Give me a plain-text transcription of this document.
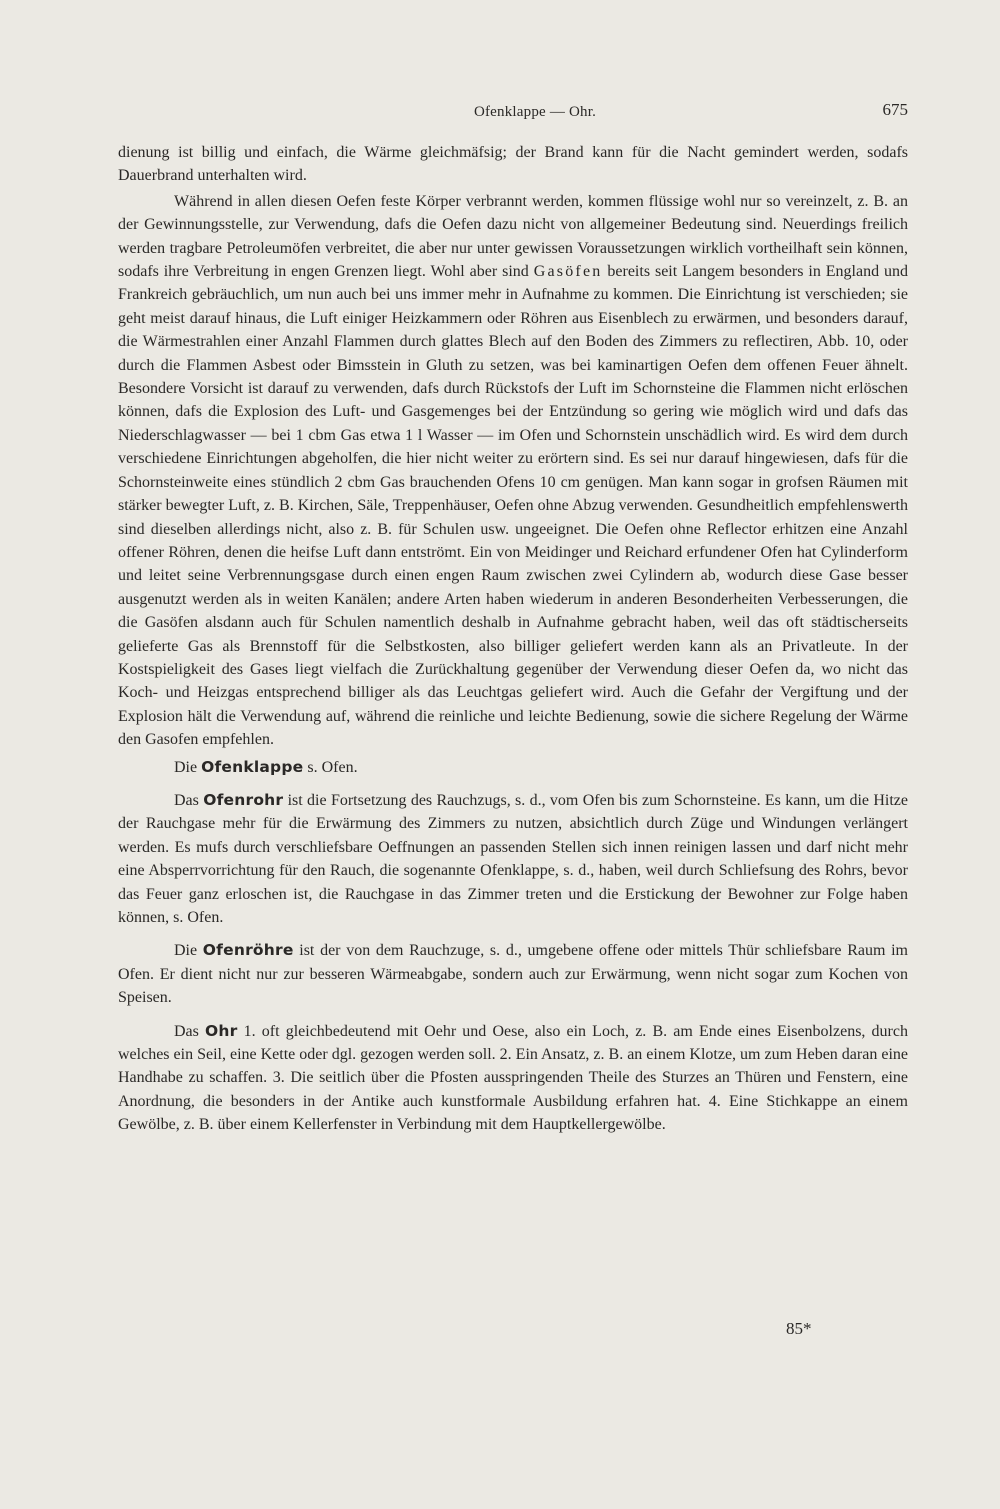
Ofenklappe — Ohr.	675

dienung ist billig und einfach, die Wärme gleichmäfsig; der Brand kann für die Nacht gemindert werden, sodafs Dauerbrand unterhalten wird.

Während in allen diesen Oefen feste Körper verbrannt werden, kommen flüssige wohl nur so vereinzelt, z. B. an der Gewinnungsstelle, zur Verwendung, dafs die Oefen dazu nicht von allgemeiner Bedeutung sind. Neuerdings freilich werden tragbare Petroleumöfen verbreitet, die aber nur unter gewissen Voraussetzungen wirklich vortheilhaft sein können, sodafs ihre Verbreitung in engen Grenzen liegt. Wohl aber sind Gasöfen bereits seit Langem besonders in England und Frankreich gebräuchlich, um nun auch bei uns immer mehr in Aufnahme zu kommen. Die Einrichtung ist verschieden; sie geht meist darauf hinaus, die Luft einiger Heizkammern oder Röhren aus Eisenblech zu erwärmen, und besonders darauf, die Wärmestrahlen einer Anzahl Flammen durch glattes Blech auf den Boden des Zimmers zu reflectiren, Abb. 10, oder durch die Flammen Asbest oder Bimsstein in Gluth zu setzen, was bei kaminartigen Oefen dem offenen Feuer ähnelt. Besondere Vorsicht ist darauf zu verwenden, dafs durch Rückstofs der Luft im Schornsteine die Flammen nicht erlöschen können, dafs die Explosion des Luft- und Gasgemenges bei der Entzündung so gering wie möglich wird und dafs das Niederschlagwasser — bei 1 cbm Gas etwa 1 l Wasser — im Ofen und Schornstein unschädlich wird. Es wird dem durch verschiedene Einrichtungen abgeholfen, die hier nicht weiter zu erörtern sind. Es sei nur darauf hingewiesen, dafs für die Schornsteinweite eines stündlich 2 cbm Gas brauchenden Ofens 10 cm genügen. Man kann sogar in grofsen Räumen mit stärker bewegter Luft, z. B. Kirchen, Säle, Treppenhäuser, Oefen ohne Abzug verwenden. Gesundheitlich empfehlenswerth sind dieselben allerdings nicht, also z. B. für Schulen usw. ungeeignet. Die Oefen ohne Reflector erhitzen eine Anzahl offener Röhren, denen die heifse Luft dann entströmt. Ein von Meidinger und Reichard erfundener Ofen hat Cylinderform und leitet seine Verbrennungsgase durch einen engen Raum zwischen zwei Cylindern ab, wodurch diese Gase besser ausgenutzt werden als in weiten Kanälen; andere Arten haben wiederum in anderen Besonderheiten Verbesserungen, die die Gasöfen alsdann auch für Schulen namentlich deshalb in Aufnahme gebracht haben, weil das oft städtischerseits gelieferte Gas als Brennstoff für die Selbstkosten, also billiger geliefert werden kann als an Privatleute. In der Kostspieligkeit des Gases liegt vielfach die Zurückhaltung gegenüber der Verwendung dieser Oefen da, wo nicht das Koch- und Heizgas entsprechend billiger als das Leuchtgas geliefert wird. Auch die Gefahr der Vergiftung und der Explosion hält die Verwendung auf, während die reinliche und leichte Bedienung, sowie die sichere Regelung der Wärme den Gasofen empfehlen.

Die Ofenklappe s. Ofen.

Das Ofenrohr ist die Fortsetzung des Rauchzugs, s. d., vom Ofen bis zum Schornsteine. Es kann, um die Hitze der Rauchgase mehr für die Erwärmung des Zimmers zu nutzen, absichtlich durch Züge und Windungen verlängert werden. Es mufs durch verschliefsbare Oeffnungen an passenden Stellen sich innen reinigen lassen und darf nicht mehr eine Absperrvorrichtung für den Rauch, die sogenannte Ofenklappe, s. d., haben, weil durch Schliefsung des Rohrs, bevor das Feuer ganz erloschen ist, die Rauchgase in das Zimmer treten und die Erstickung der Bewohner zur Folge haben können, s. Ofen.

Die Ofenröhre ist der von dem Rauchzuge, s. d., umgebene offene oder mittels Thür schliefsbare Raum im Ofen. Er dient nicht nur zur besseren Wärmeabgabe, sondern auch zur Erwärmung, wenn nicht sogar zum Kochen von Speisen.

Das Ohr 1. oft gleichbedeutend mit Oehr und Oese, also ein Loch, z. B. am Ende eines Eisenbolzens, durch welches ein Seil, eine Kette oder dgl. gezogen werden soll. 2. Ein Ansatz, z. B. an einem Klotze, um zum Heben daran eine Handhabe zu schaffen. 3. Die seitlich über die Pfosten ausspringenden Theile des Sturzes an Thüren und Fenstern, eine Anordnung, die besonders in der Antike auch kunstformale Ausbildung erfahren hat. 4. Eine Stichkappe an einem Gewölbe, z. B. über einem Kellerfenster in Verbindung mit dem Hauptkellergewölbe.

85*
